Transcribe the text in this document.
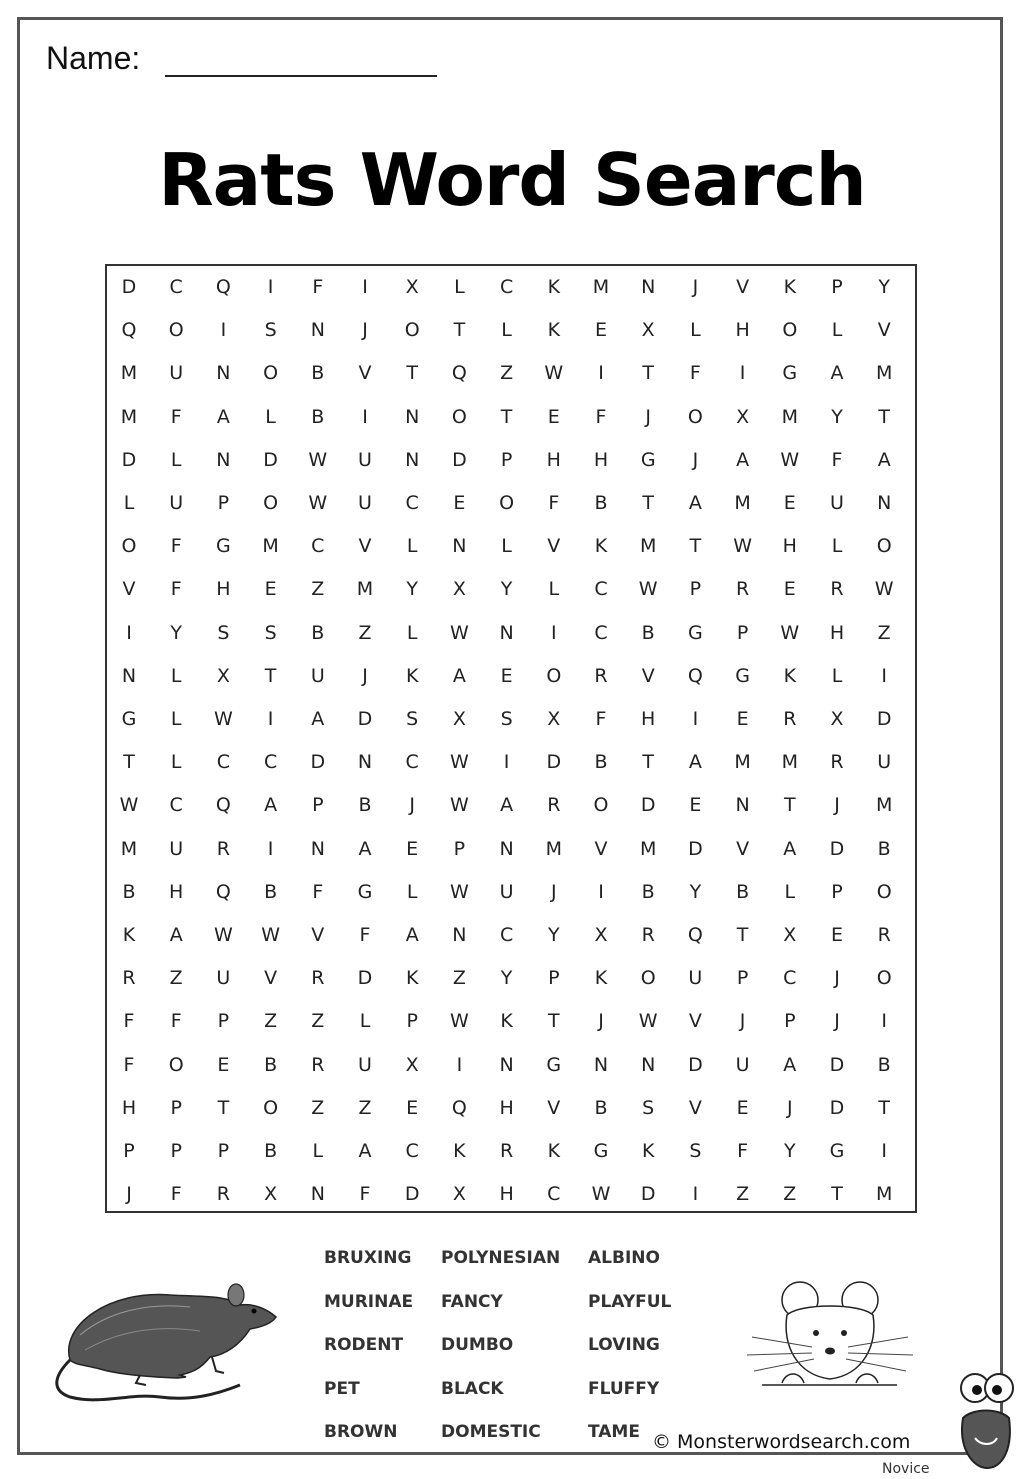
Name:
Rats Word Search
D	C	Q	I	F	I	X	L	C	K	M	N	J	V	K	P	Y
Q	O	I	S	N	J	O	T	L	K	E	X	L	H	O	L	V
M	U	N	O	B	V	T	Q	Z	W	I	T	F	I	G	A	M
M	F	A	L	B	I	N	O	T	E	F	J	O	X	M	Y	T
D	L	N	D	W	U	N	D	P	H	H	G	J	A	W	F	A
L	U	P	O	W	U	C	E	O	F	B	T	A	M	E	U	N
O	F	G	M	C	V	L	N	L	V	K	M	T	W	H	L	O
V	F	H	E	Z	M	Y	X	Y	L	C	W	P	R	E	R	W
I	Y	S	S	B	Z	L	W	N	I	C	B	G	P	W	H	Z
N	L	X	T	U	J	K	A	E	O	R	V	Q	G	K	L	I
G	L	W	I	A	D	S	X	S	X	F	H	I	E	R	X	D
T	L	C	C	D	N	C	W	I	D	B	T	A	M	M	R	U
W	C	Q	A	P	B	J	W	A	R	O	D	E	N	T	J	M
M	U	R	I	N	A	E	P	N	M	V	M	D	V	A	D	B
B	H	Q	B	F	G	L	W	U	J	I	B	Y	B	L	P	O
K	A	W	W	V	F	A	N	C	Y	X	R	Q	T	X	E	R
R	Z	U	V	R	D	K	Z	Y	P	K	O	U	P	C	J	O
F	F	P	Z	Z	L	P	W	K	T	J	W	V	J	P	J	I
F	O	E	B	R	U	X	I	N	G	N	N	D	U	A	D	B
H	P	T	O	Z	Z	E	Q	H	V	B	S	V	E	J	D	T
P	P	P	B	L	A	C	K	R	K	G	K	S	F	Y	G	I
J	F	R	X	N	F	D	X	H	C	W	D	I	Z	Z	T	M
BRUXING
MURINAE
RODENT
PET
BROWN
POLYNESIAN
FANCY
DUMBO
BLACK
DOMESTIC
ALBINO
PLAYFUL
LOVING
FLUFFY
TAME © Monsterwordsearch.com
Novice
